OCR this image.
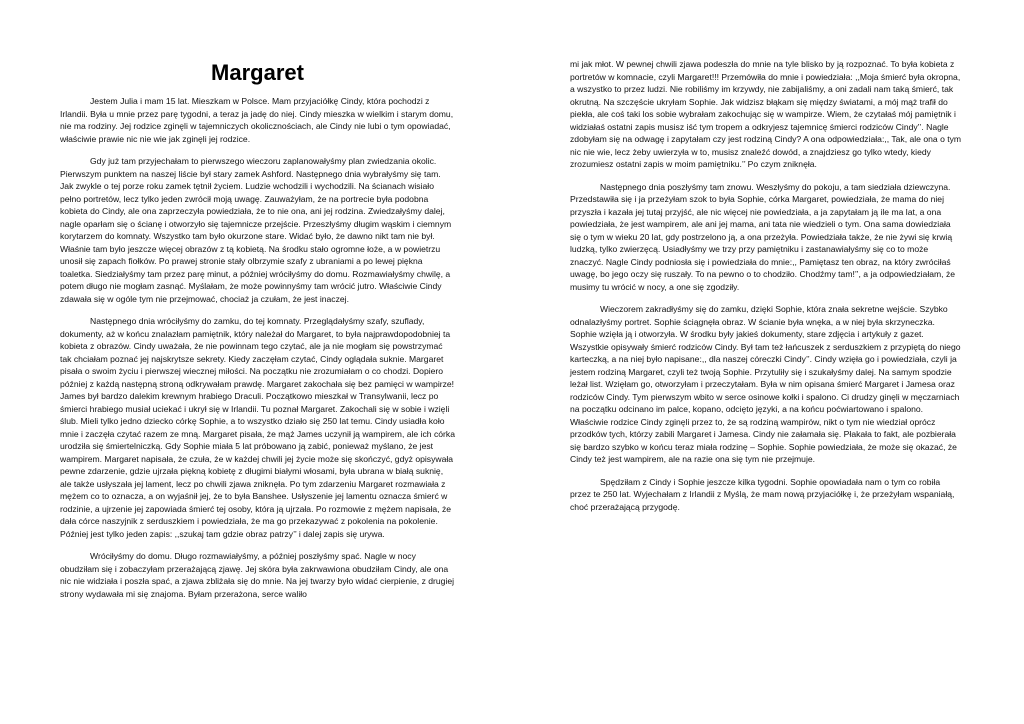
Margaret

Jestem Julia i mam 15 lat. Mieszkam w Polsce. Mam przyjaciółkę Cindy, która pochodzi z Irlandii. Była u mnie przez parę tygodni, a teraz ja jadę do niej. Cindy mieszka w wielkim i starym domu, nie ma rodziny. Jej rodzice zginęli w tajemniczych okolicznościach, ale Cindy nie lubi o tym opowiadać, właściwie prawie nic nie wie jak zginęli jej rodzice.

Gdy już tam przyjechałam to pierwszego wieczoru zaplanowałyśmy plan zwiedzania okolic. Pierwszym punktem na naszej liście był stary zamek Ashford. Następnego dnia wybrałyśmy się tam. Jak zwykle o tej porze roku zamek tętnił życiem. Ludzie wchodzili i wychodzili. Na ścianach wisiało pełno portretów, lecz tylko jeden zwrócił moją uwagę. Zauważyłam, że na portrecie była podobna kobieta do Cindy, ale ona zaprzeczyła powiedziała, że to nie ona, ani jej rodzina. Zwiedzałyśmy dalej, nagle oparłam się o ścianę i otworzyło się tajemnicze przejście. Przeszłyśmy długim wąskim i ciemnym korytarzem do komnaty. Wszystko tam było okurzone stare. Widać było, że dawno nikt tam nie był. Właśnie tam było jeszcze więcej obrazów z tą kobietą. Na środku stało ogromne łoże, a w powietrzu unosił się zapach fiołków. Po prawej stronie stały olbrzymie szafy z ubraniami a po lewej piękna toaletka. Siedziałyśmy tam przez parę minut, a później wróciłyśmy do domu. Rozmawiałyśmy chwilę, a potem długo nie mogłam zasnąć. Myślałam, że może powinnyśmy tam wrócić jutro. Właściwie Cindy zdawała się w ogóle tym nie przejmować, chociaż ja czułam, że jest inaczej.

Następnego dnia wróciłyśmy do zamku, do tej komnaty. Przeglądałyśmy szafy, szuflady, dokumenty, aż w końcu znalazłam pamiętnik, który należał do Margaret, to była najprawdopodobniej ta kobieta z obrazów. Cindy uważała, że nie powinnam tego czytać, ale ja nie mogłam się powstrzymać tak chciałam poznać jej najskrytsze sekrety. Kiedy zaczęłam czytać, Cindy oglądała suknie. Margaret pisała o swoim życiu i pierwszej wiecznej miłości. Na początku nie zrozumiałam o co chodzi. Dopiero później z każdą następną stroną odkrywałam prawdę. Margaret zakochała się bez pamięci w wampirze! James był bardzo dalekim krewnym hrabiego Draculi. Początkowo mieszkał w Transylwanii, lecz po śmierci hrabiego musiał uciekać i ukrył się w Irlandii. Tu poznał Margaret. Zakochali się w sobie i wzięli ślub. Mieli tylko jedno dziecko córkę Sophie, a to wszystko działo się 250 lat temu. Cindy usiadła koło mnie i zaczęła czytać razem ze mną. Margaret pisała, że mąż James uczynił ją wampirem, ale ich córka urodziła się śmiertelniczką. Gdy Sophie miała 5 lat próbowano ją zabić, ponieważ myślano, że jest wampirem. Margaret napisała, że czuła, że w każdej chwili jej życie może się skończyć, gdyż opisywała pewne zdarzenie, gdzie ujrzała piękną kobietę z długimi białymi włosami, była ubrana w białą suknię, ale także usłyszała jej lament, lecz po chwili zjawa zniknęła. Po tym zdarzeniu Margaret rozmawiała z mężem co to oznacza, a on wyjaśnił jej, że to była Banshee. Usłyszenie jej lamentu oznacza śmierć w rodzinie, a ujrzenie jej zapowiada śmierć tej osoby, która ją ujrzała. Po rozmowie z mężem napisała, że dała córce naszyjnik z serduszkiem i powiedziała, że ma go przekazywać z pokolenia na pokolenie. Później jest tylko jeden zapis: ,,szukaj tam gdzie obraz patrzy’’ i dalej zapis się urywa.

Wróciłyśmy do domu. Długo rozmawiałyśmy, a później poszłyśmy spać. Nagle w nocy obudziłam się i zobaczyłam przerażającą zjawę. Jej skóra była zakrwawiona obudziłam Cindy, ale ona nic nie widziała i poszła spać, a zjawa zbliżała się do mnie. Na jej twarzy było widać cierpienie, z drugiej strony wydawała mi się znajoma. Byłam przerażona, serce waliło

mi jak młot. W pewnej chwili zjawa podeszła do mnie na tyle blisko by ją rozpoznać. To była kobieta z portretów w komnacie, czyli Margaret!!! Przemówiła do mnie i powiedziała: ,,Moja śmierć była okropna, a wszystko to przez ludzi. Nie robiliśmy im krzywdy, nie zabijaliśmy, a oni zadali nam taką śmierć, tak okrutną. Na szczęście ukryłam Sophie. Jak widzisz błąkam się między światami, a mój mąż trafił do piekła, ale coś taki los sobie wybrałam zakochując się w wampirze. Wiem, że czytałaś mój pamiętnik i widziałaś ostatni zapis musisz iść tym tropem a odkryjesz tajemnicę śmierci rodziców Cindy’’. Nagle zdobyłam się na odwagę i zapytałam czy jest rodziną Cindy? A ona odpowiedziała:,, Tak, ale ona o tym nic nie wie, lecz żeby uwierzyła w to, musisz znaleźć dowód, a znajdziesz go tylko wtedy, kiedy zrozumiesz ostatni zapis w moim pamiętniku.’’ Po czym zniknęła.

Następnego dnia poszłyśmy tam znowu. Weszłyśmy do pokoju, a tam siedziała dziewczyna. Przedstawiła się i ja przeżyłam szok to była Sophie, córka Margaret, powiedziała, że mama do niej przyszła i kazała jej tutaj przyjść, ale nic więcej nie powiedziała, a ja zapytałam ją ile ma lat, a ona powiedziała, że jest wampirem, ale ani jej mama, ani tata nie wiedzieli o tym. Ona sama dowiedziała się o tym w wieku 20 lat, gdy postrzelono ją, a ona przeżyła. Powiedziała także, że nie żywi się krwią ludzką, tylko zwierzęcą. Usiadłyśmy we trzy przy pamiętniku i zastanawiałyśmy się co to może znaczyć. Nagle Cindy podniosła się i powiedziała do mnie:,, Pamiętasz ten obraz, na który zwróciłaś uwagę, bo jego oczy się ruszały. To na pewno o to chodziło. Chodźmy tam!’’, a ja odpowiedziałam, że musimy tu wrócić w nocy, a one się zgodziły.

Wieczorem zakradłyśmy się do zamku, dzięki Sophie, która znała sekretne wejście. Szybko odnalazłyśmy portret. Sophie ściągnęła obraz. W ścianie była wnęka, a w niej była skrzyneczka. Sophie wzięła ją i otworzyła. W środku były jakieś dokumenty, stare zdjęcia i artykuły z gazet. Wszystkie opisywały śmierć rodziców Cindy. Był tam też łańcuszek z serduszkiem z przypiętą do niego karteczką, a na niej było napisane:,, dla naszej córeczki Cindy’’. Cindy wzięła go i powiedziała, czyli ja jestem rodziną Margaret, czyli też twoją Sophie. Przytuliły się i szukałyśmy dalej. Na samym spodzie leżał list. Wzięłam go, otworzyłam i przeczytałam. Była w nim opisana śmierć Margaret i Jamesa oraz rodziców Cindy. Tym pierwszym wbito w serce osinowe kołki i spalono. Ci drudzy ginęli w męczarniach na początku odcinano im palce, kopano, odcięto języki, a na końcu poćwiartowano i spalono. Właściwie rodzice Cindy zginęli przez to, że są rodziną wampirów, nikt o tym nie wiedział oprócz przodków tych, którzy zabili Margaret i Jamesa. Cindy nie załamała się. Płakała to fakt, ale pozbierała się bardzo szybko w końcu teraz miała rodzinę – Sophie. Sophie powiedziała, że może się okazać, że Cindy też jest wampirem, ale na razie ona się tym nie przejmuje.

Spędziłam z Cindy i Sophie jeszcze kilka tygodni. Sophie opowiadała nam o tym co robiła przez te 250 lat. Wyjechałam z Irlandii z Myślą, że mam nową przyjaciółkę i, że przeżyłam wspaniałą, choć przerażającą przygodę.
